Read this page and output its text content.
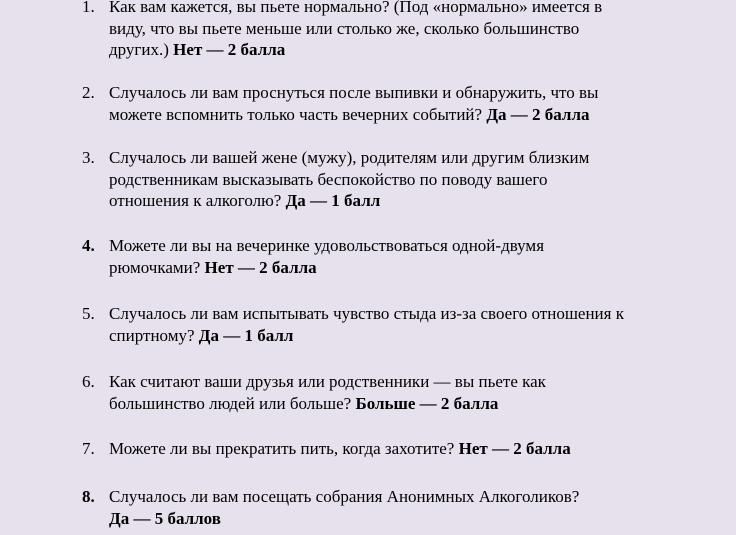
1. Как вам кажется, вы пьете нормально? (Под «нормально» имеется в
виду, что вы пьете меньше или столько же, сколько большинство
других.) Нет — 2 балла
2. Случалось ли вам проснуться после выпивки и обнаружить, что вы
можете вспомнить только часть вечерних событий? Да — 2 балла
3. Случалось ли вашей жене (мужу), родителям или другим близким
родственникам высказывать беспокойство по поводу вашего
отношения к алкоголю? Да — 1 балл
4. Можете ли вы на вечеринке удовольствоваться одной-двумя
рюмочками? Нет — 2 балла
5. Случалось ли вам испытывать чувство стыда из-за своего отношения к
спиртному? Да — 1 балл
6. Как считают ваши друзья или родственники — вы пьете как
большинство людей или больше? Больше — 2 балла
7. Можете ли вы прекратить пить, когда захотите? Нет — 2 балла
8. Случалось ли вам посещать собрания Анонимных Алкоголиков?
Да — 5 баллов
